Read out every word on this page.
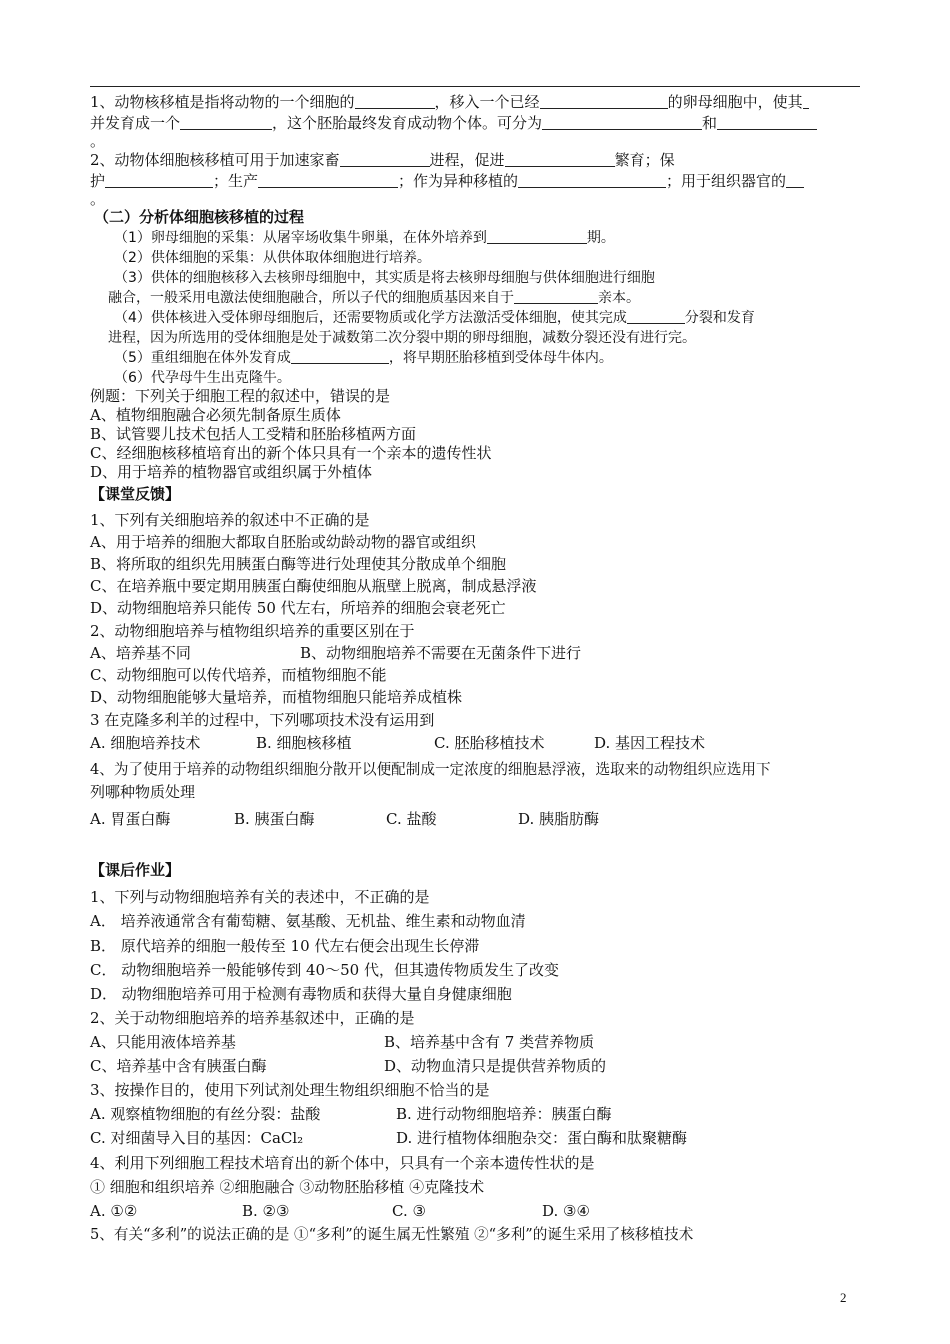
1、动物核移植是指将动物的一个细胞的	，移入一个已经	的卵母细胞中，使其
并发育成一个	，这个胚胎最终发育成动物个体。可分为	和
。
2、动物体细胞核移植可用于加速家畜	进程，促进	繁育；保
护	；生产	；作为异种移植的	；用于组织器官的
。
（二）分析体细胞核移植的过程
（1）卵母细胞的采集：从屠宰场收集牛卵巢，在体外培养到	期。
（2）供体细胞的采集：从供体取体细胞进行培养。
（3）供体的细胞核移入去核卵母细胞中，其实质是将去核卵母细胞与供体细胞进行细胞
融合，一般采用电激法使细胞融合，所以子代的细胞质基因来自于	亲本。
（4）供体核进入受体卵母细胞后，还需要物质或化学方法激活受体细胞，使其完成	分裂和发育
进程，因为所选用的受体细胞是处于减数第二次分裂中期的卵母细胞，减数分裂还没有进行完。
（5）重组细胞在体外发育成	，将早期胚胎移植到受体母牛体内。
（6）代孕母牛生出克隆牛。
例题：下列关于细胞工程的叙述中，错误的是
A、植物细胞融合必须先制备原生质体
B、试管婴儿技术包括人工受精和胚胎移植两方面
C、经细胞核移植培育出的新个体只具有一个亲本的遗传性状
D、用于培养的植物器官或组织属于外植体
【课堂反馈】
1、下列有关细胞培养的叙述中不正确的是
A、用于培养的细胞大都取自胚胎或幼龄动物的器官或组织
B、将所取的组织先用胰蛋白酶等进行处理使其分散成单个细胞
C、在培养瓶中要定期用胰蛋白酶使细胞从瓶壁上脱离，制成悬浮液
D、动物细胞培养只能传 50 代左右，所培养的细胞会衰老死亡
2、动物细胞培养与植物组织培养的重要区别在于
A、培养基不同	B、动物细胞培养不需要在无菌条件下进行
C、动物细胞可以传代培养，而植物细胞不能
D、动物细胞能够大量培养，而植物细胞只能培养成植株
3 在克隆多利羊的过程中，下列哪项技术没有运用到
A. 细胞培养技术	B. 细胞核移植	C. 胚胎移植技术	D. 基因工程技术
4、为了使用于培养的动物组织细胞分散开以便配制成一定浓度的细胞悬浮液，选取来的动物组织应选用下
列哪种物质处理
A. 胃蛋白酶	B. 胰蛋白酶	C. 盐酸	D. 胰脂肪酶
【课后作业】
1、下列与动物细胞培养有关的表述中，不正确的是
A． 培养液通常含有葡萄糖、氨基酸、无机盐、维生素和动物血清
B． 原代培养的细胞一般传至 10 代左右便会出现生长停滞
C． 动物细胞培养一般能够传到 40～50 代，但其遗传物质发生了改变
D． 动物细胞培养可用于检测有毒物质和获得大量自身健康细胞
2、关于动物细胞培养的培养基叙述中，正确的是
A、只能用液体培养基	B、培养基中含有 7 类营养物质
C、培养基中含有胰蛋白酶	D、动物血清只是提供营养物质的
3、按操作目的，使用下列试剂处理生物组织细胞不恰当的是
A. 观察植物细胞的有丝分裂：盐酸	B. 进行动物细胞培养：胰蛋白酶
C. 对细菌导入目的基因：CaCl₂	D. 进行植物体细胞杂交：蛋白酶和肽聚糖酶
4、利用下列细胞工程技术培育出的新个体中，只具有一个亲本遗传性状的是
① 细胞和组织培养 ②细胞融合 ③动物胚胎移植 ④克隆技术
A. ①②	B. ②③	C. ③	D. ③④
5、有关“多利”的说法正确的是 ①“多利”的诞生属无性繁殖 ②“多利”的诞生采用了核移植技术
2
